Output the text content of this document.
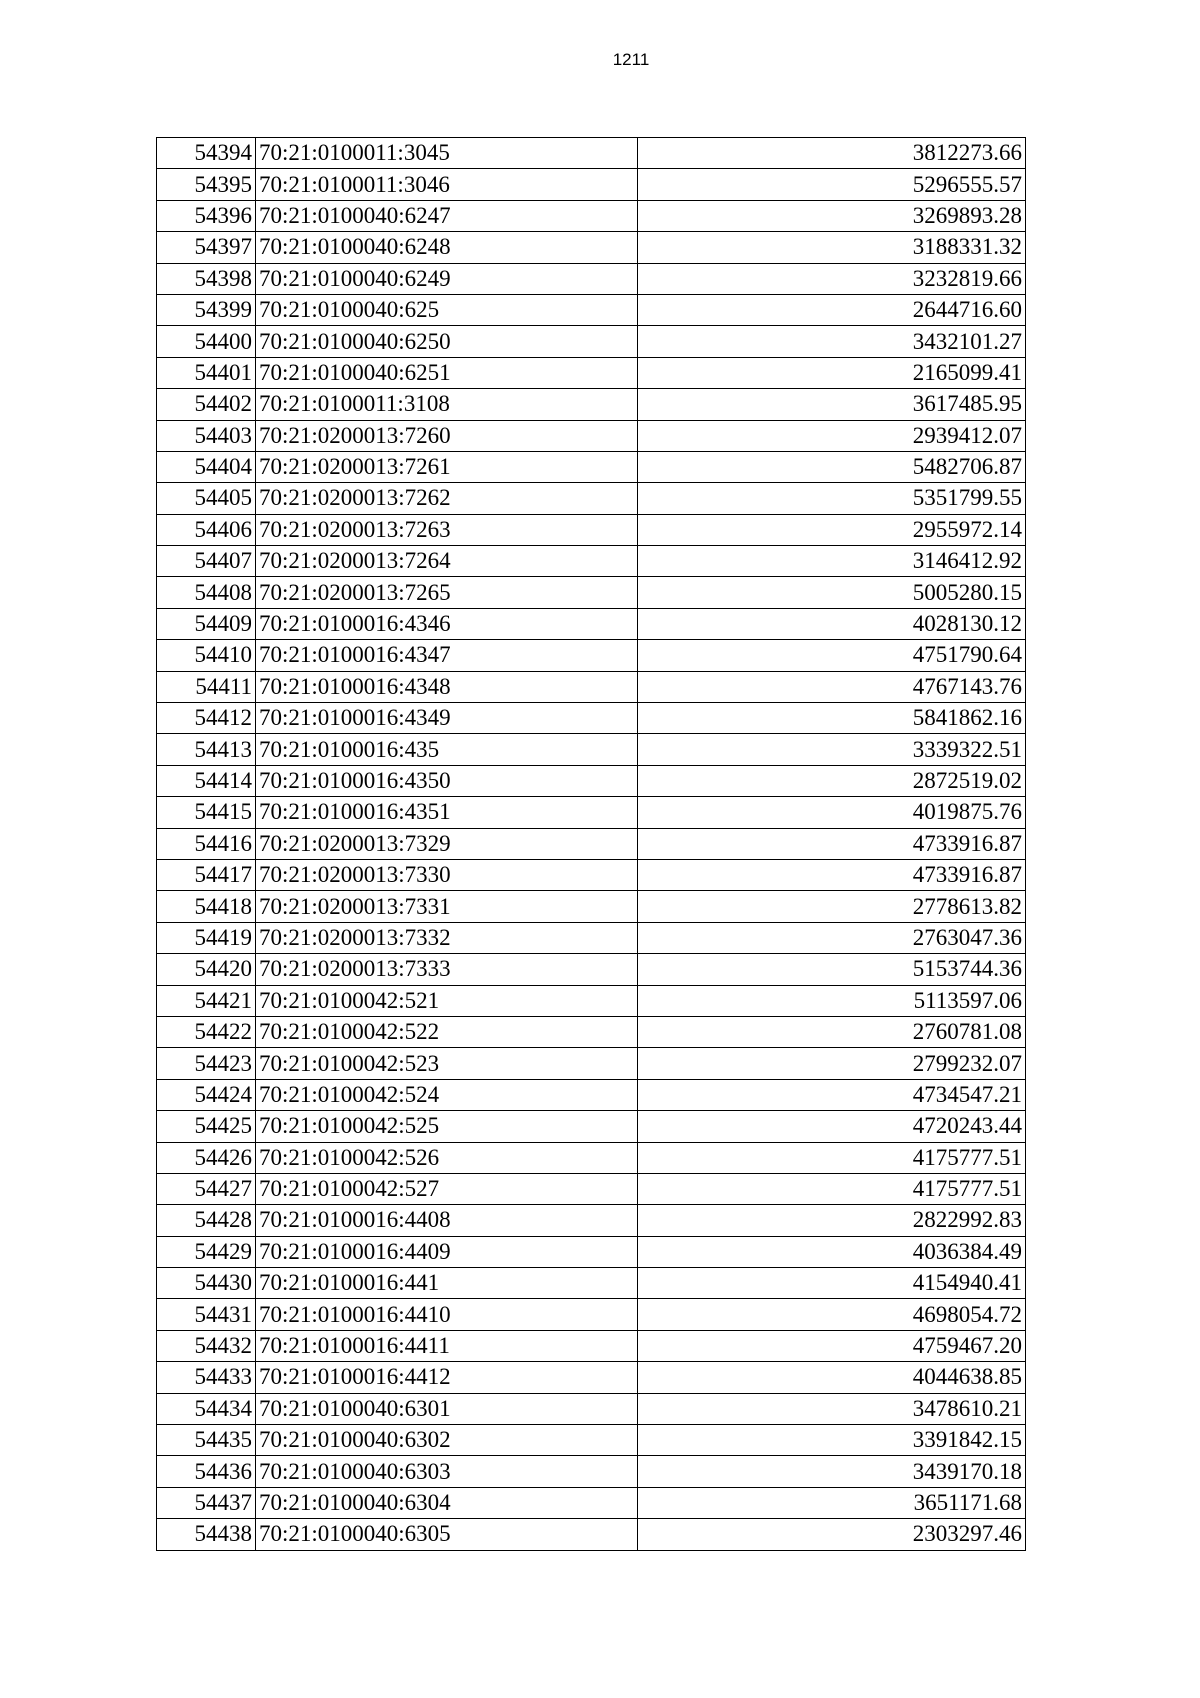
1211
54394	70:21:0100011:3045	3812273.66
54395	70:21:0100011:3046	5296555.57
54396	70:21:0100040:6247	3269893.28
54397	70:21:0100040:6248	3188331.32
54398	70:21:0100040:6249	3232819.66
54399	70:21:0100040:625	2644716.60
54400	70:21:0100040:6250	3432101.27
54401	70:21:0100040:6251	2165099.41
54402	70:21:0100011:3108	3617485.95
54403	70:21:0200013:7260	2939412.07
54404	70:21:0200013:7261	5482706.87
54405	70:21:0200013:7262	5351799.55
54406	70:21:0200013:7263	2955972.14
54407	70:21:0200013:7264	3146412.92
54408	70:21:0200013:7265	5005280.15
54409	70:21:0100016:4346	4028130.12
54410	70:21:0100016:4347	4751790.64
54411	70:21:0100016:4348	4767143.76
54412	70:21:0100016:4349	5841862.16
54413	70:21:0100016:435	3339322.51
54414	70:21:0100016:4350	2872519.02
54415	70:21:0100016:4351	4019875.76
54416	70:21:0200013:7329	4733916.87
54417	70:21:0200013:7330	4733916.87
54418	70:21:0200013:7331	2778613.82
54419	70:21:0200013:7332	2763047.36
54420	70:21:0200013:7333	5153744.36
54421	70:21:0100042:521	5113597.06
54422	70:21:0100042:522	2760781.08
54423	70:21:0100042:523	2799232.07
54424	70:21:0100042:524	4734547.21
54425	70:21:0100042:525	4720243.44
54426	70:21:0100042:526	4175777.51
54427	70:21:0100042:527	4175777.51
54428	70:21:0100016:4408	2822992.83
54429	70:21:0100016:4409	4036384.49
54430	70:21:0100016:441	4154940.41
54431	70:21:0100016:4410	4698054.72
54432	70:21:0100016:4411	4759467.20
54433	70:21:0100016:4412	4044638.85
54434	70:21:0100040:6301	3478610.21
54435	70:21:0100040:6302	3391842.15
54436	70:21:0100040:6303	3439170.18
54437	70:21:0100040:6304	3651171.68
54438	70:21:0100040:6305	2303297.46
